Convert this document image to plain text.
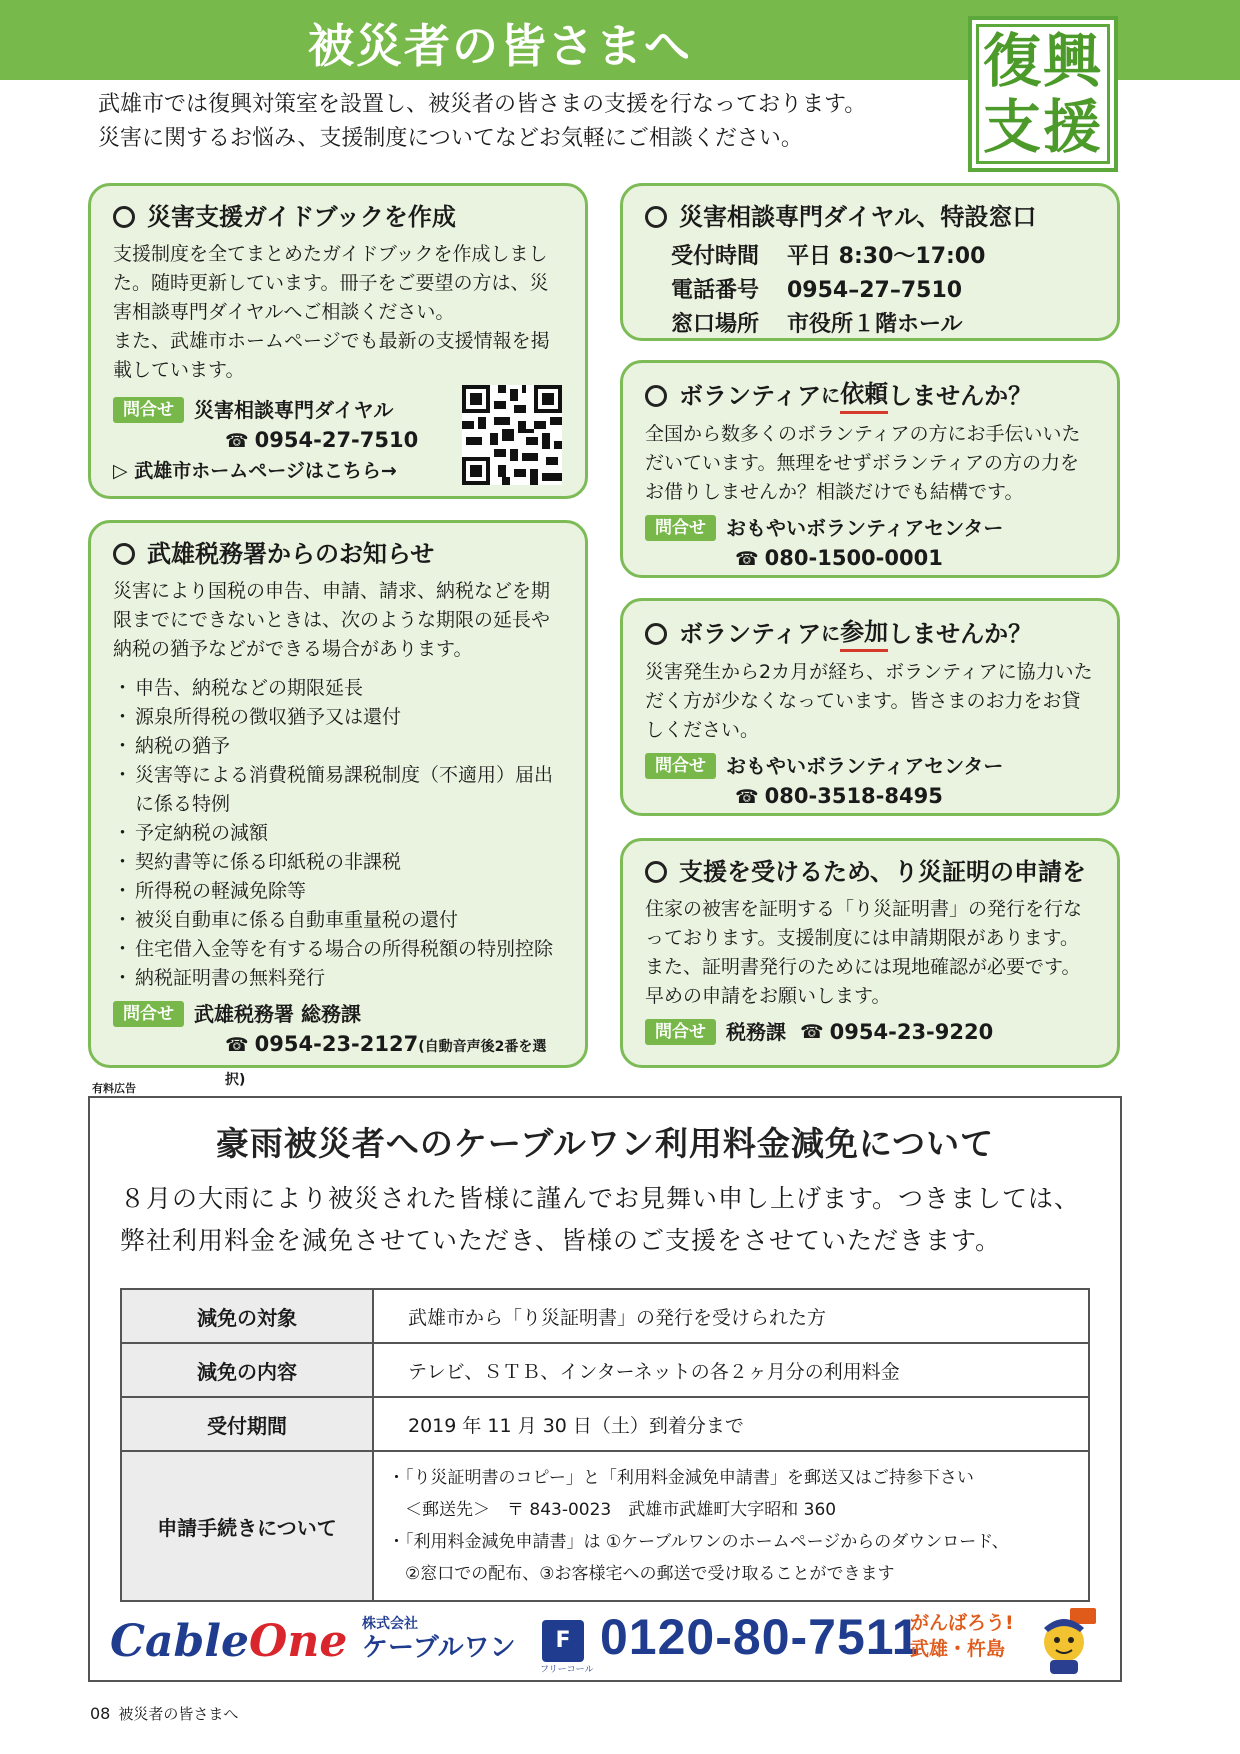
被災者の皆さまへ	復興
支援
武雄市では復興対策室を設置し、被災者の皆さまの支援を行なっております。
災害に関するお悩み、支援制度についてなどお気軽にご相談ください。
災害支援ガイドブックを作成
支援制度を全てまとめたガイドブックを作成しました。随時更新しています。冊子をご要望の方は、災害相談専門ダイヤルへご相談ください。
また、武雄市ホームページでも最新の支援情報を掲載しています。
問合せ	災害相談専門ダイヤル
☎ 0954-27-7510
▷ 武雄市ホームページはこちら→
武雄税務署からのお知らせ
災害により国税の申告、申請、請求、納税などを期限までにできないときは、次のような期限の延長や納税の猶予などができる場合があります。
・ 申告、納税などの期限延長
・ 源泉所得税の徴収猶予又は還付
・ 納税の猶予
・ 災害等による消費税簡易課税制度（不適用）届出に係る特例
・ 予定納税の減額
・ 契約書等に係る印紙税の非課税
・ 所得税の軽減免除等
・ 被災自動車に係る自動車重量税の還付
・ 住宅借入金等を有する場合の所得税額の特別控除
・ 納税証明書の無料発行
問合せ	武雄税務署 総務課
☎ 0954-23-2127(自動音声後2番を選択)
災害相談専門ダイヤル、特設窓口
受付時間 平日 8:30〜17:00
電話番号 0954–27–7510
窓口場所 市役所１階ホール
ボランティア に 依頼 しませんか？
全国から数多くのボランティアの方にお手伝いいただいています。無理をせずボランティアの方の力をお借りしませんか？相談だけでも結構です。
問合せ	おもやいボランティアセンター
☎ 080-1500-0001
ボランティア に 参加 しませんか？
災害発生から2カ月が経ち、ボランティアに協力いただく方が少なくなっています。皆さまのお力をお貸しください。
問合せ	おもやいボランティアセンター
☎ 080-3518-8495
支援を受けるため、り災証明の申請を
住家の被害を証明する「り災証明書」の発行を行なっております。支援制度には申請期限があります。また、証明書発行のためには現地確認が必要です。早めの申請をお願いします。
問合せ	税務課 ☎ 0954-23-9220
有料広告
豪雨被災者へのケーブルワン利用料金減免について
８月の大雨により被災された皆様に謹んでお見舞い申し上げます。つきましては、
弊社利用料金を減免させていただき、皆様のご支援をさせていただきます。
減免の対象	武雄市から「り災証明書」の発行を受けられた方
減免の内容	テレビ、ＳＴＢ、インターネットの各２ヶ月分の利用料金
受付期間	2019 年 11 月 30 日（土）到着分まで
申請手続きについて	・「り災証明書のコピー」と「利用料金減免申請書」を郵送又はご持参下さい
　＜郵送先＞　〒 843-0023　武雄市武雄町大字昭和 360
・「利用料金減免申請書」は ①ケーブルワンのホームページからのダウンロード、
　②窓口での配布、③お客様宅への郵送で受け取ることができます
CableOne 株式会社
ケーブルワン	F
フリーコール
0120-80-7511
がんばろう!
武雄・杵島
08 被災者の皆さまへ
